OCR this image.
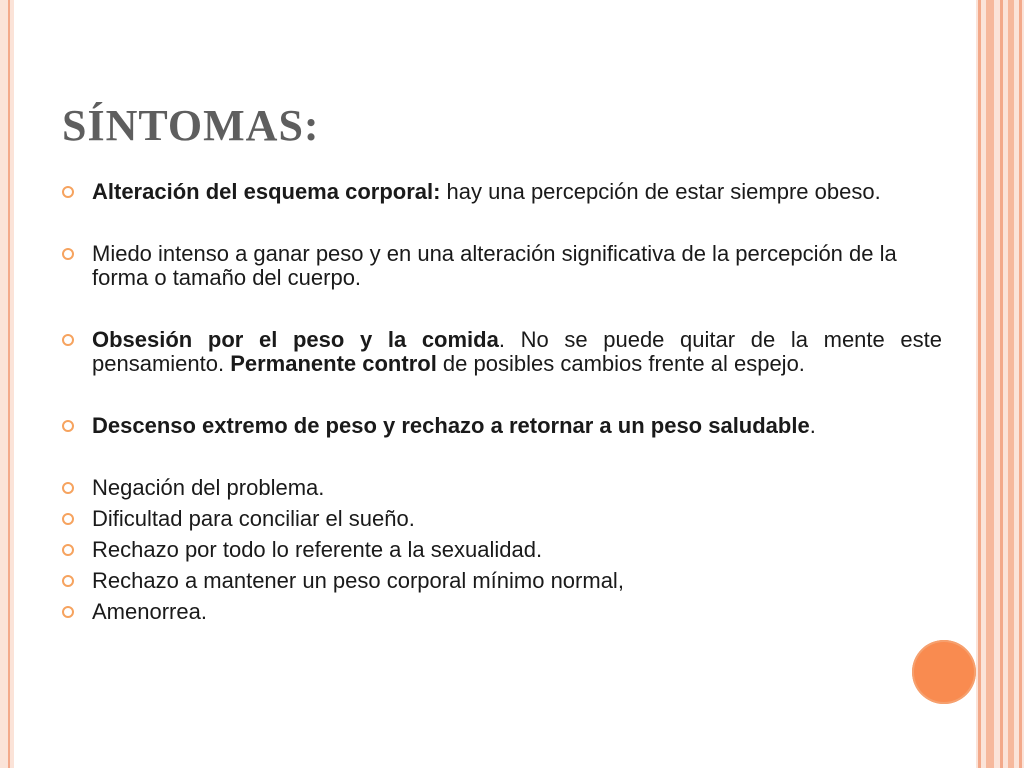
SÍNTOMAS:
Alteración del esquema corporal: hay una percepción de estar siempre obeso.
Miedo intenso a ganar peso y en una alteración significativa de la percepción de la forma o tamaño del cuerpo.
Obsesión por el peso y la comida. No se puede quitar de la mente este pensamiento. Permanente control de posibles cambios frente al espejo.
Descenso extremo de peso y rechazo a retornar a un peso saludable.
Negación del problema.
Dificultad para conciliar el sueño.
Rechazo por todo lo referente a la sexualidad.
Rechazo a mantener un peso corporal mínimo normal,
Amenorrea.
